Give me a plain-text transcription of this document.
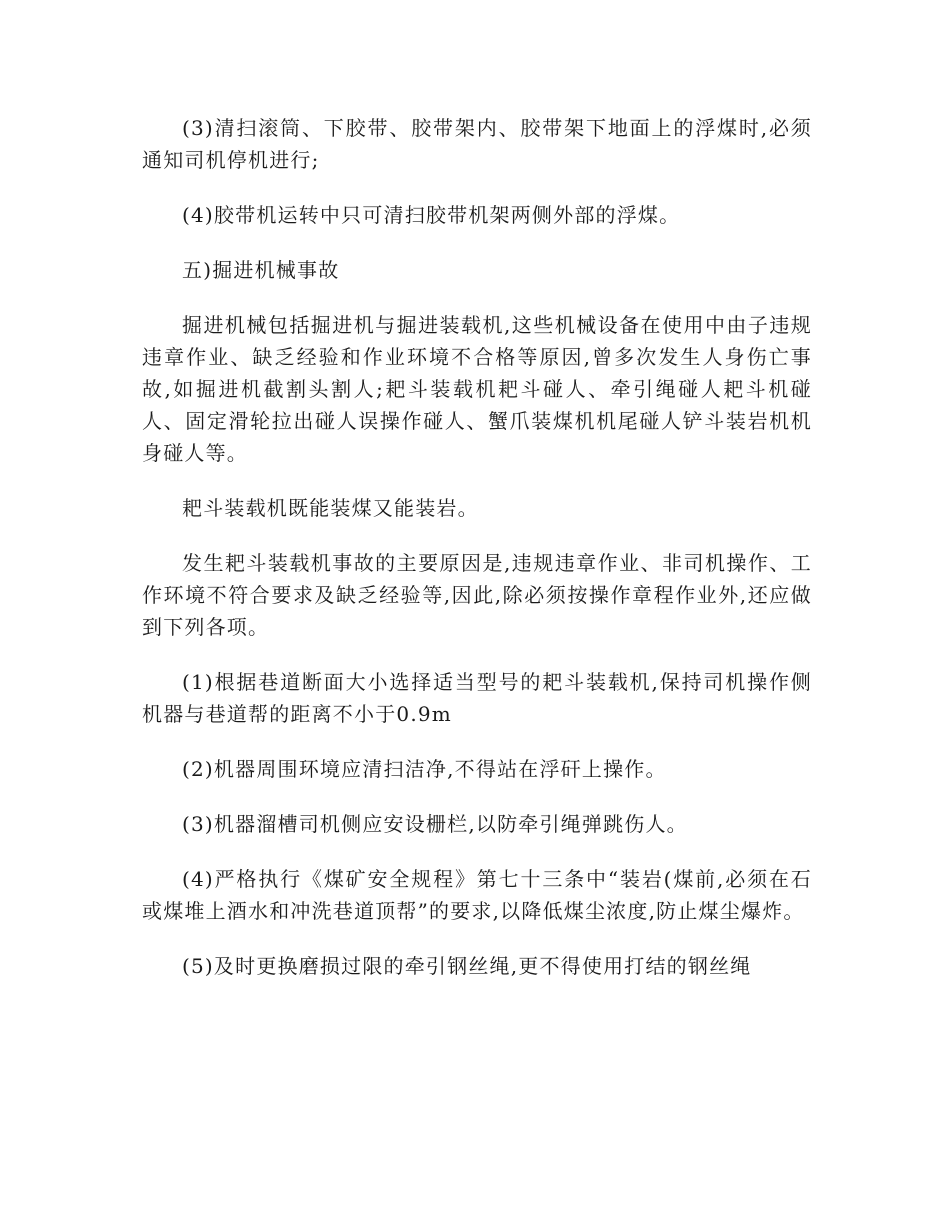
(3)清扫滚筒、下胶带、胶带架内、胶带架下地面上的浮煤时,必须通知司机停机进行;

(4)胶带机运转中只可清扫胶带机架两侧外部的浮煤。

五)掘进机械事故

掘进机械包括掘进机与掘进装载机,这些机械设备在使用中由子违规违章作业、缺乏经验和作业环境不合格等原因,曾多次发生人身伤亡事故,如掘进机截割头割人;耙斗装载机耙斗碰人、牵引绳碰人耙斗机碰人、固定滑轮拉出碰人误操作碰人、蟹爪装煤机机尾碰人铲斗装岩机机身碰人等。

耙斗装载机既能装煤又能装岩。

发生耙斗装载机事故的主要原因是,违规违章作业、非司机操作、工作环境不符合要求及缺乏经验等,因此,除必须按操作章程作业外,还应做到下列各项。

(1)根据巷道断面大小选择适当型号的耙斗装载机,保持司机操作侧机器与巷道帮的距离不小于0.9m

(2)机器周围环境应清扫洁净,不得站在浮矸上操作。

(3)机器溜槽司机侧应安设栅栏,以防牵引绳弹跳伤人。

(4)严格执行《煤矿安全规程》第七十三条中“装岩(煤前,必须在石或煤堆上酒水和冲洗巷道顶帮”的要求,以降低煤尘浓度,防止煤尘爆炸。

(5)及时更换磨损过限的牵引钢丝绳,更不得使用打结的钢丝绳
